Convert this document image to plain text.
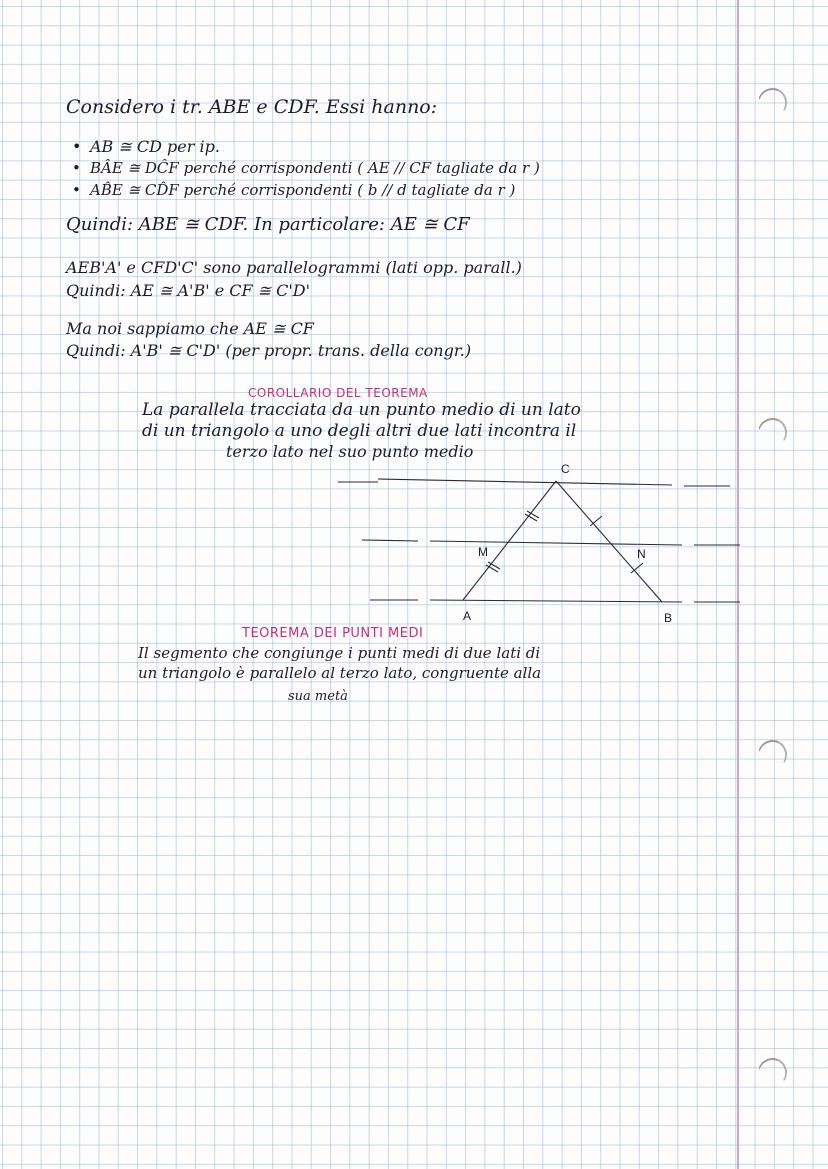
Considero i tr. ABE e CDF. Essi hanno:

• AB ≅ CD per ip.

• BÂE ≅ DĈF perché corrispondenti ( AE // CF tagliate da r )

• AB̂E ≅ CD̂F perché corrispondenti ( b // d tagliate da r )

Quindi: ABE ≅ CDF. In particolare: AE ≅ CF

AEB'A' e CFD'C' sono parallelogrammi (lati opp. parall.)

Quindi: AE ≅ A'B' e CF ≅ C'D'

Ma noi sappiamo che AE ≅ CF

Quindi: A'B' ≅ C'D' (per propr. trans. della congr.)

COROLLARIO DEL TEOREMA

La parallela tracciata da un punto medio di un lato

di un triangolo a uno degli altri due lati incontra il

terzo lato nel suo punto medio

C
M	N
A	B

TEOREMA DEI PUNTI MEDI

Il segmento che congiunge i punti medi di due lati di

un triangolo è parallelo al terzo lato, congruente alla

sua metà
